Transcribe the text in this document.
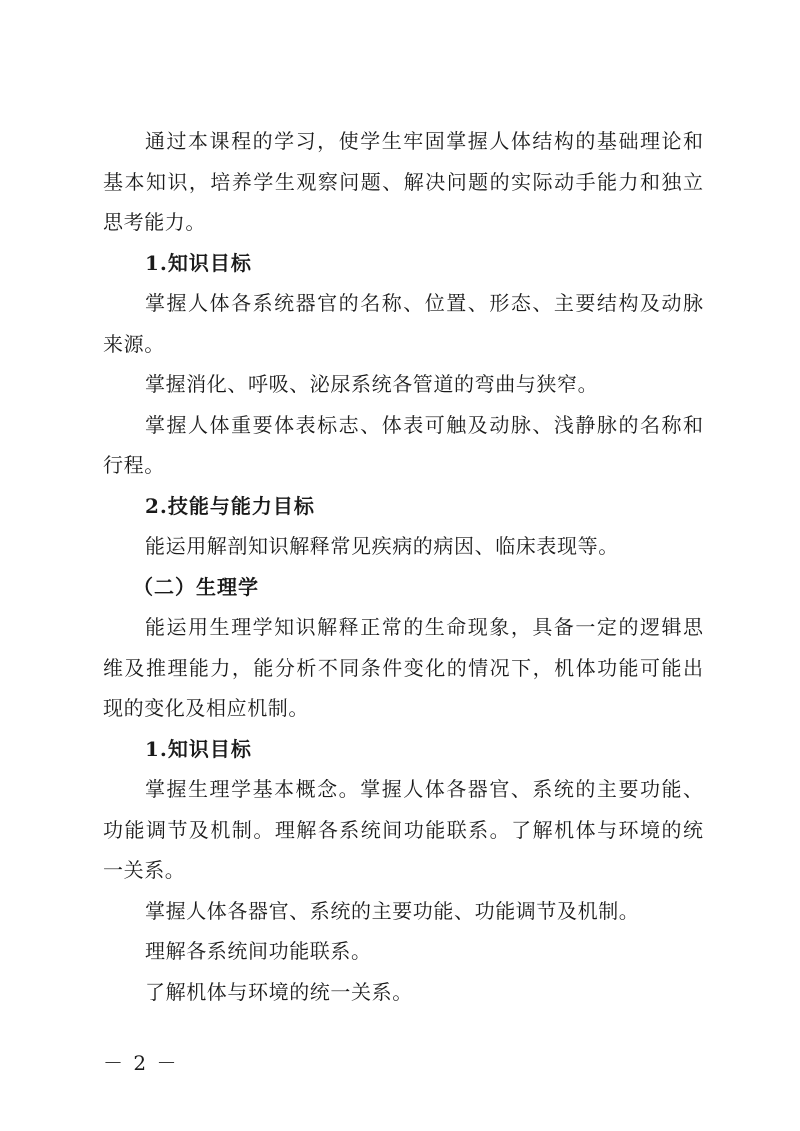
通过本课程的学习，使学生牢固掌握人体结构的基础理论和
基本知识，培养学生观察问题、解决问题的实际动手能力和独立
思考能力。
1.知识目标
掌握人体各系统器官的名称、位置、形态、主要结构及动脉
来源。
掌握消化、呼吸、泌尿系统各管道的弯曲与狭窄。
掌握人体重要体表标志、体表可触及动脉、浅静脉的名称和
行程。
2.技能与能力目标
能运用解剖知识解释常见疾病的病因、临床表现等。
（二）生理学
能运用生理学知识解释正常的生命现象，具备一定的逻辑思
维及推理能力，能分析不同条件变化的情况下，机体功能可能出
现的变化及相应机制。
1.知识目标
掌握生理学基本概念。掌握人体各器官、系统的主要功能、
功能调节及机制。理解各系统间功能联系。了解机体与环境的统
一关系。
掌握人体各器官、系统的主要功能、功能调节及机制。
理解各系统间功能联系。
了解机体与环境的统一关系。
－ 2 －
